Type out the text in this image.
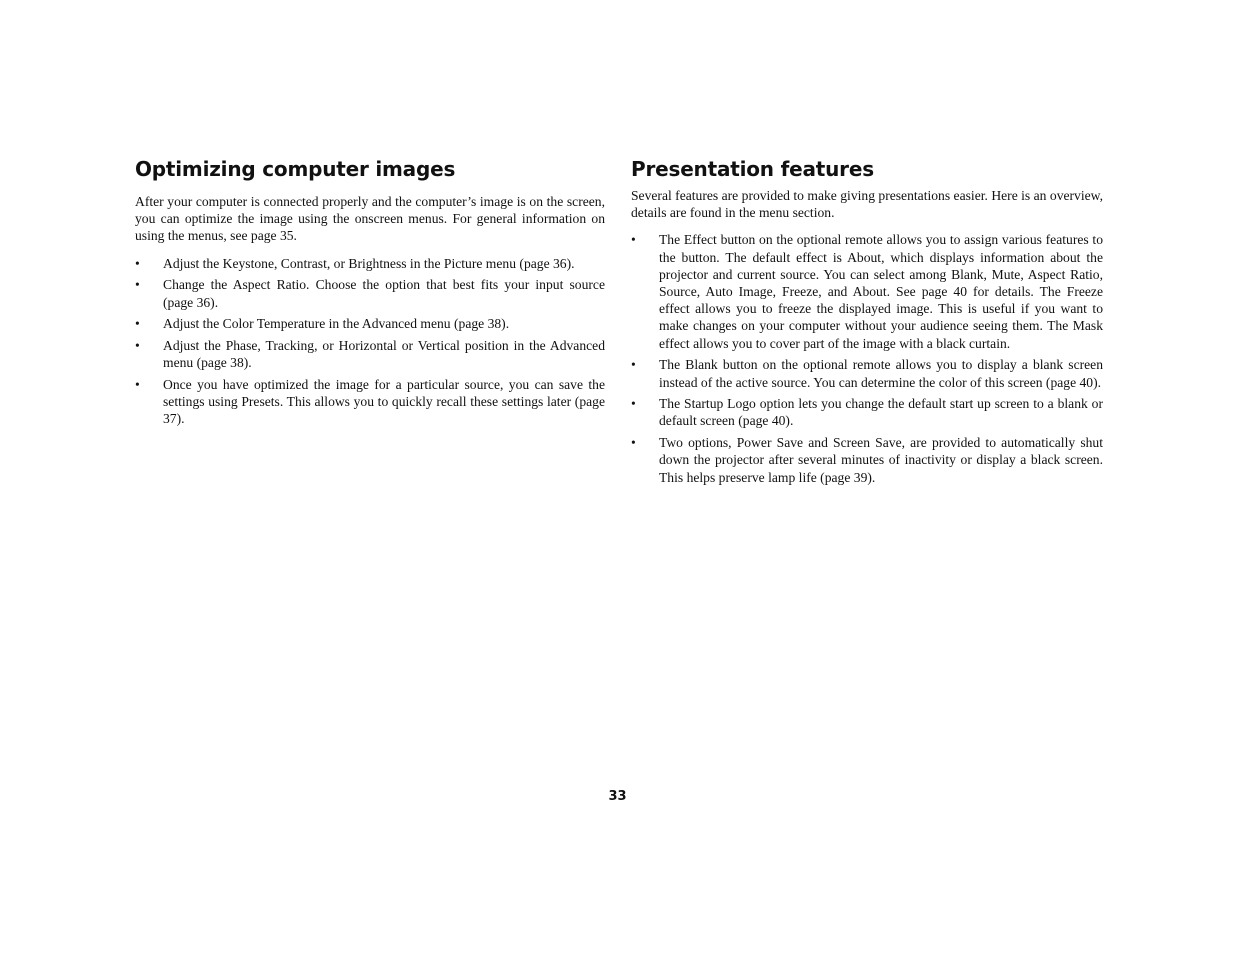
Optimizing computer images

After your computer is connected properly and the computer’s image is on the screen, you can optimize the image using the onscreen menus. For general information on using the menus, see page 35.

•	Adjust the Keystone, Contrast, or Brightness in the Picture menu (page 36).
•	Change the Aspect Ratio. Choose the option that best fits your input source (page 36).
•	Adjust the Color Temperature in the Advanced menu (page 38).
•	Adjust the Phase, Tracking, or Horizontal or Vertical position in the Advanced menu (page 38).
•	Once you have optimized the image for a particular source, you can save the settings using Presets. This allows you to quickly recall these settings later (page 37).
Presentation features

Several features are provided to make giving presentations easier. Here is an overview, details are found in the menu section.

•	The Effect button on the optional remote allows you to assign various features to the button. The default effect is About, which displays information about the projector and current source. You can select among Blank, Mute, Aspect Ratio, Source, Auto Image, Freeze, and About. See page 40 for details. The Freeze effect allows you to freeze the displayed image. This is useful if you want to make changes on your computer without your audience seeing them. The Mask effect allows you to cover part of the image with a black curtain.
•	The Blank button on the optional remote allows you to display a blank screen instead of the active source. You can determine the color of this screen (page 40).
•	The Startup Logo option lets you change the default start up screen to a blank or default screen (page 40).
•	Two options, Power Save and Screen Save, are provided to automatically shut down the projector after several minutes of inactivity or display a black screen. This helps preserve lamp life (page 39).
33
